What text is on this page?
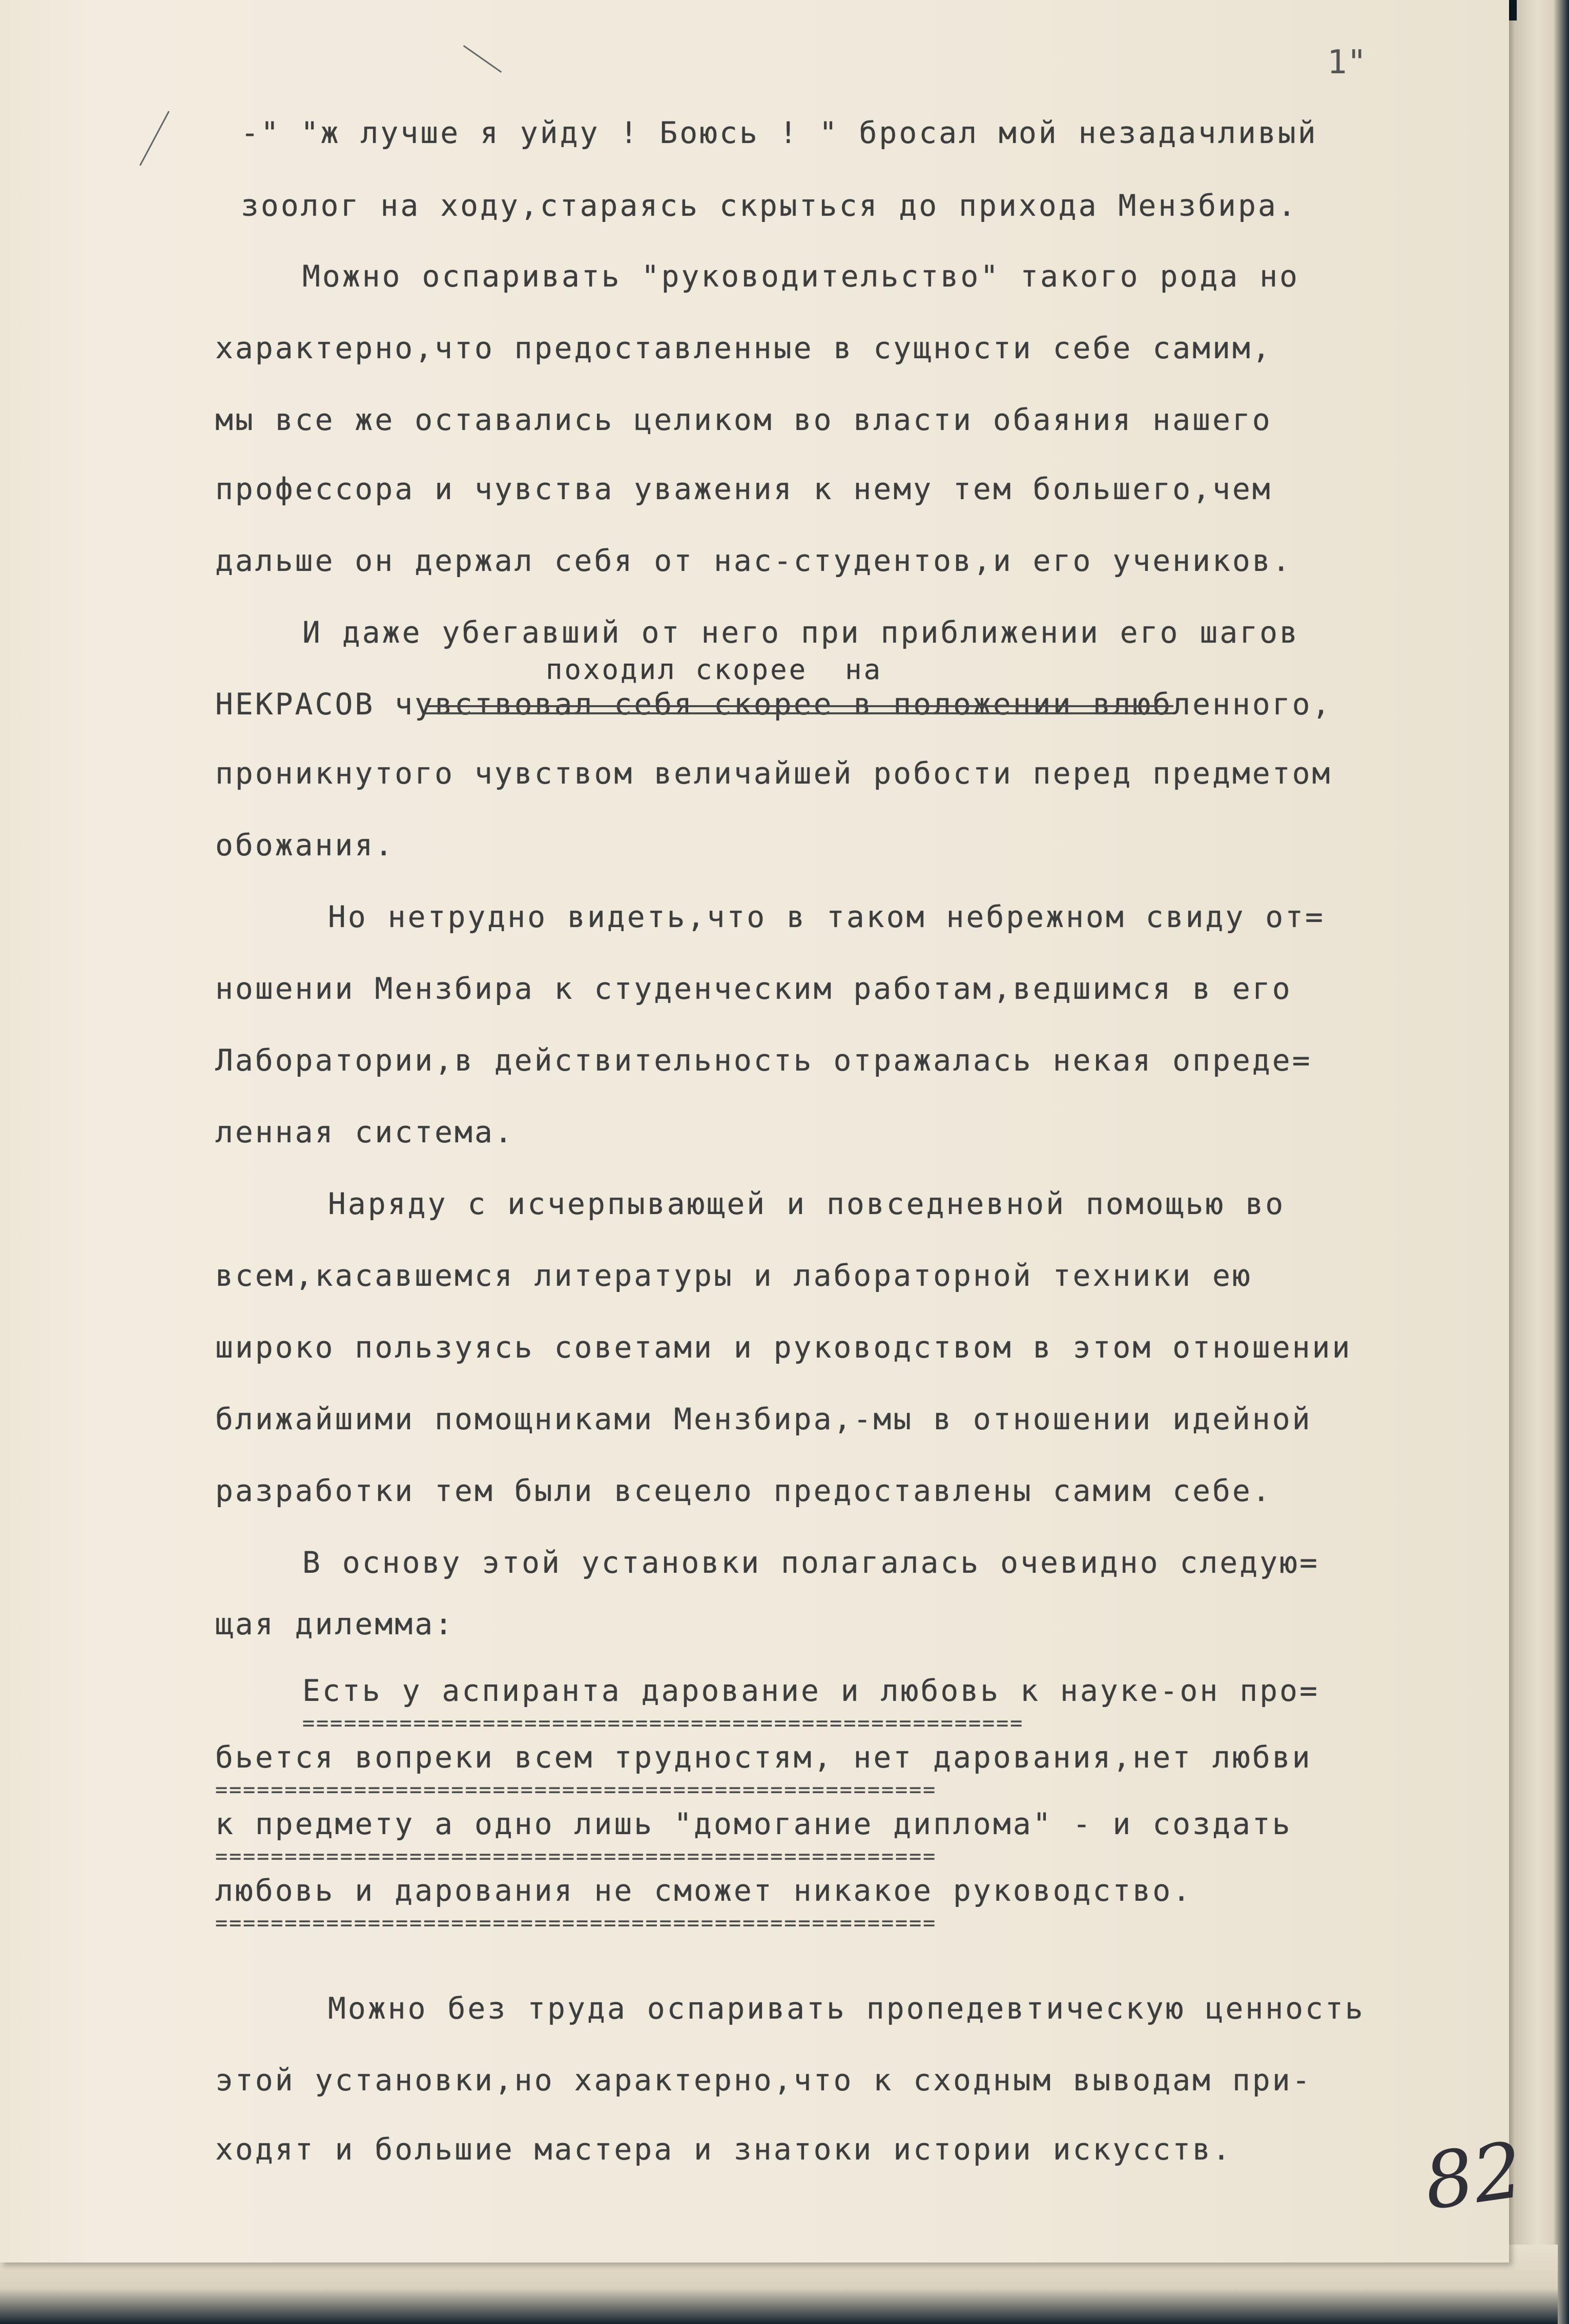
1"
-" "ж лучше я уйду ! Боюсь ! " бросал мой незадачливый
зоолог на ходу,стараясь скрыться до прихода Мензбира.
Можно оспаривать "руководительство" такого рода но
характерно,что предоставленные в сущности себе самим,
мы все же оставались целиком во власти обаяния нашего
профессора и чувства уважения к нему тем большего,чем
дальше он держал себя от нас-студентов,и его учеников.
И даже убегавший от него при приближении его шагов
походил скорее  на
НЕКРАСОВ чувствовал себя скорее в положении влюбленного,
проникнутого чувством величайшей робости перед предметом
обожания.
Но нетрудно видеть,что в таком небрежном свиду от=
ношении Мензбира к студенческим работам,ведшимся в его
Лаборатории,в действительность отражалась некая опреде=
ленная система.
Наряду с исчерпывающей и повседневной помощью во
всем,касавшемся литературы и лабораторной техники ею
широко пользуясь советами и руководством в этом отношении
ближайшими помощниками Мензбира,-мы в отношении идейной
разработки тем были всецело предоставлены самим себе.
В основу этой установки полагалась очевидно следую=
щая дилемма:
Есть у аспиранта дарование и любовь к науке-он про=
====================================================
бьется вопреки всем трудностям, нет дарования,нет любви
====================================================
к предмету а одно лишь "домогание диплома" - и создать
====================================================
любовь и дарования не сможет никакое руководство.
====================================================
Можно без труда оспаривать пропедевтическую ценность
этой установки,но характерно,что к сходным выводам при-
ходят и большие мастера и знатоки истории искусств. 82
